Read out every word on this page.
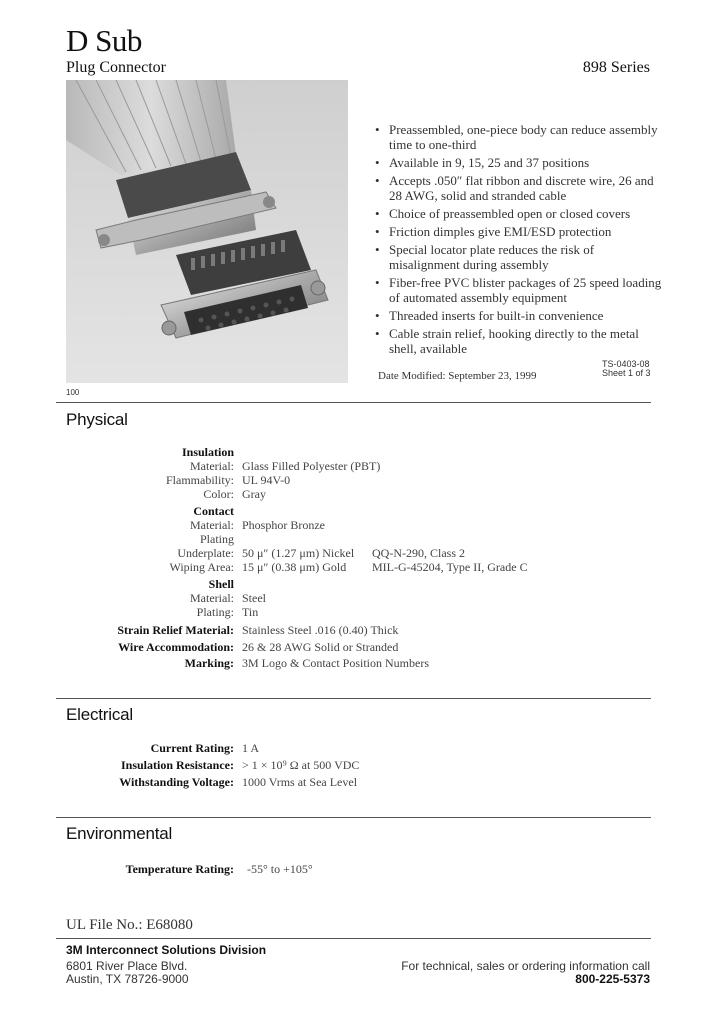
D Sub
Plug Connector	898 Series
• Preassembled, one-piece body can reduce assembly time to one-third
• Available in 9, 15, 25 and 37 positions
• Accepts .050″ flat ribbon and discrete wire, 26 and 28 AWG, solid and stranded cable
• Choice of preassembled open or closed covers
• Friction dimples give EMI/ESD protection
• Special locator plate reduces the risk of misalignment during assembly
• Fiber-free PVC blister packages of 25 speed loading of automated assembly equipment
• Threaded inserts for built-in convenience
• Cable strain relief, hooking directly to the metal shell, available
TS-0403-08
Sheet 1 of 3
Date Modified: September 23, 1999
100
Physical
Insulation
Material: Glass Filled Polyester (PBT)
Flammability: UL 94V-0
Color: Gray
Contact
Material: Phosphor Bronze
Plating
Underplate: 50 μ″ (1.27 μm) Nickel QQ-N-290, Class 2
Wiping Area: 15 μ″ (0.38 μm) Gold MIL-G-45204, Type II, Grade C
Shell
Material: Steel
Plating: Tin
Strain Relief Material: Stainless Steel .016 (0.40) Thick
Wire Accommodation: 26 & 28 AWG Solid or Stranded
Marking: 3M Logo & Contact Position Numbers
Electrical
Current Rating: 1 A
Insulation Resistance: > 1 × 10⁹ Ω at 500 VDC
Withstanding Voltage: 1000 Vrms at Sea Level
Environmental
Temperature Rating: -55° to +105°
UL File No.: E68080
3M Interconnect Solutions Division
6801 River Place Blvd.
Austin, TX 78726-9000
For technical, sales or ordering information call
800-225-5373
